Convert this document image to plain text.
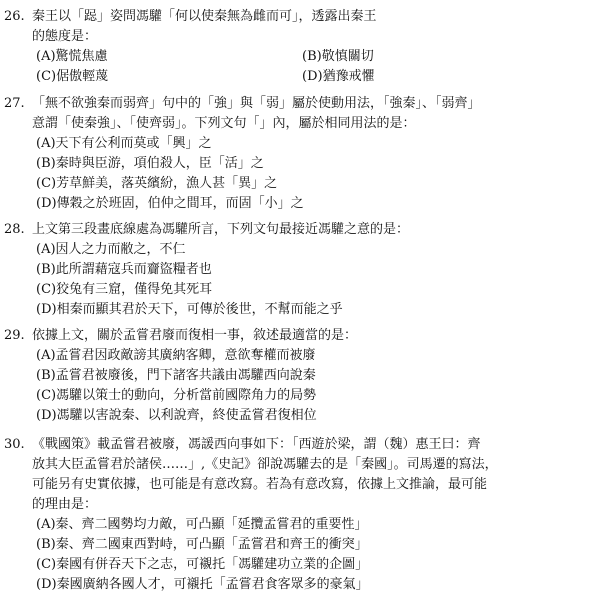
26. 秦王以「跽」姿問馮驩「何以使秦無為雌而可」，透露出秦王
的態度是：
(A)驚慌焦慮	(B)敬慎關切
(C)倨傲輕蔑	(D)猶豫戒懼
27. 「無不欲強秦而弱齊」句中的「強」與「弱」屬於使動用法，「強秦」、「弱齊」
意謂「使秦強」、「使齊弱」。下列文句「」內，屬於相同用法的是：
(A)天下有公利而莫或「興」之
(B)秦時與臣游，項伯殺人，臣「活」之
(C)芳草鮮美，落英繽紛，漁人甚「異」之
(D)傳穀之於班固，伯仲之間耳，而固「小」之
28. 上文第三段畫底線處為馮驩所言，下列文句最接近馮驩之意的是：
(A)因人之力而敝之，不仁
(B)此所謂藉寇兵而齎盜糧者也
(C)狡兔有三窟，僅得免其死耳
(D)相秦而顯其君於天下，可傳於後世，不幫而能之乎
29. 依據上文，關於孟嘗君廢而復相一事，敘述最適當的是：
(A)孟嘗君因政敵謗其廣納客卿，意欲奪權而被廢
(B)孟嘗君被廢後，門下諸客共議由馮驩西向說秦
(C)馮驩以策士的動向，分析當前國際角力的局勢
(D)馮驩以害說秦、以利說齊，終使孟嘗君復相位
30. 《戰國策》載孟嘗君被廢，馮諼西向事如下：「西遊於梁，謂（魏）惠王曰：齊
放其大臣孟嘗君於諸侯……」,《史記》卻說馮驩去的是「秦國」。司馬遷的寫法，
可能另有史實依據，也可能是有意改寫。若為有意改寫，依據上文推論，最可能
的理由是：
(A)秦、齊二國勢均力敵，可凸顯「延攬孟嘗君的重要性」
(B)秦、齊二國東西對峙，可凸顯「孟嘗君和齊王的衝突」
(C)秦國有併吞天下之志，可襯托「馮驩建功立業的企圖」
(D)秦國廣納各國人才，可襯托「孟嘗君食客眾多的豪氣」
